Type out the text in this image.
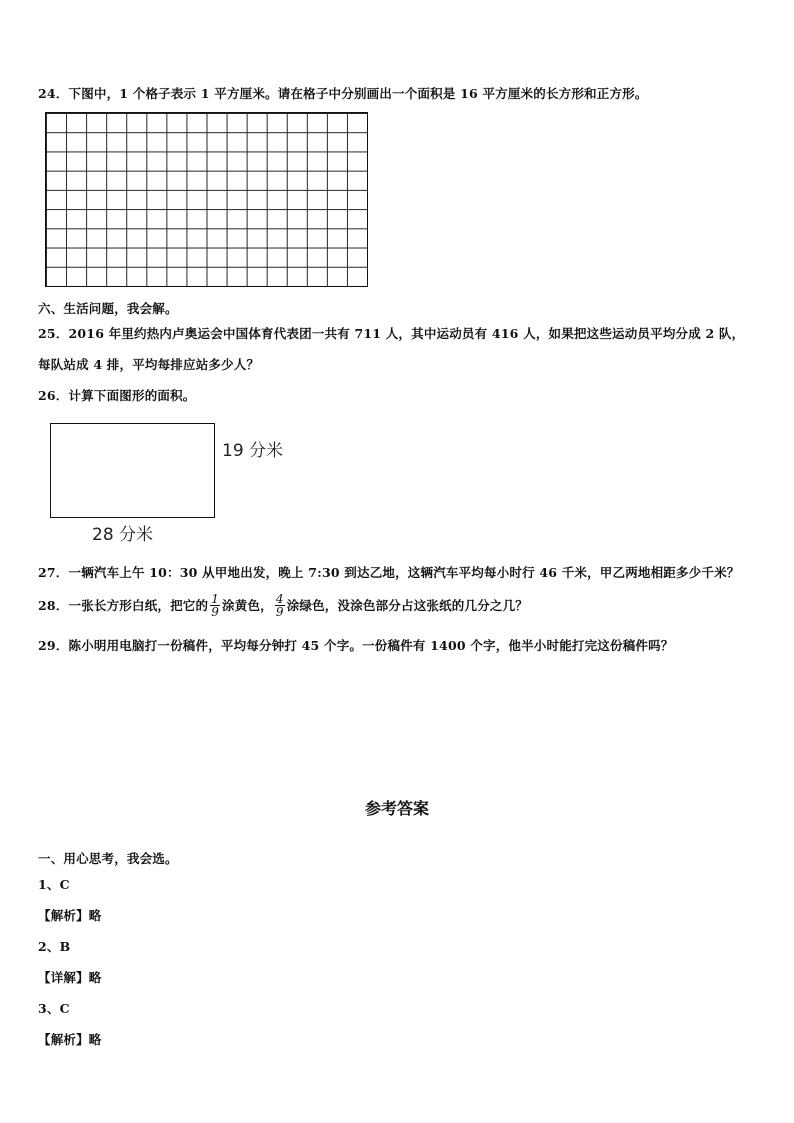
24．下图中，1 个格子表示 1 平方厘米。请在格子中分别画出一个面积是 16 平方厘米的长方形和正方形。
六、生活问题，我会解。
25．2016 年里约热内卢奥运会中国体育代表团一共有 711 人，其中运动员有 416 人，如果把这些运动员平均分成 2 队，
每队站成 4 排，平均每排应站多少人？
26．计算下面图形的面积。
19 分米
28 分米
27．一辆汽车上午 10：30 从甲地出发，晚上 7:30 到达乙地，这辆汽车平均每小时行 46 千米，甲乙两地相距多少千米？
28．一张长方形白纸，把它的 $\frac{1}{9}$ 涂黄色， $\frac{4}{9}$ 涂绿色，没涂色部分占这张纸的几分之几？
29．陈小明用电脑打一份稿件，平均每分钟打 45 个字。一份稿件有 1400 个字，他半小时能打完这份稿件吗？
参考答案
一、用心思考，我会选。
1、C
【解析】略
2、B
【详解】略
3、C
【解析】略
